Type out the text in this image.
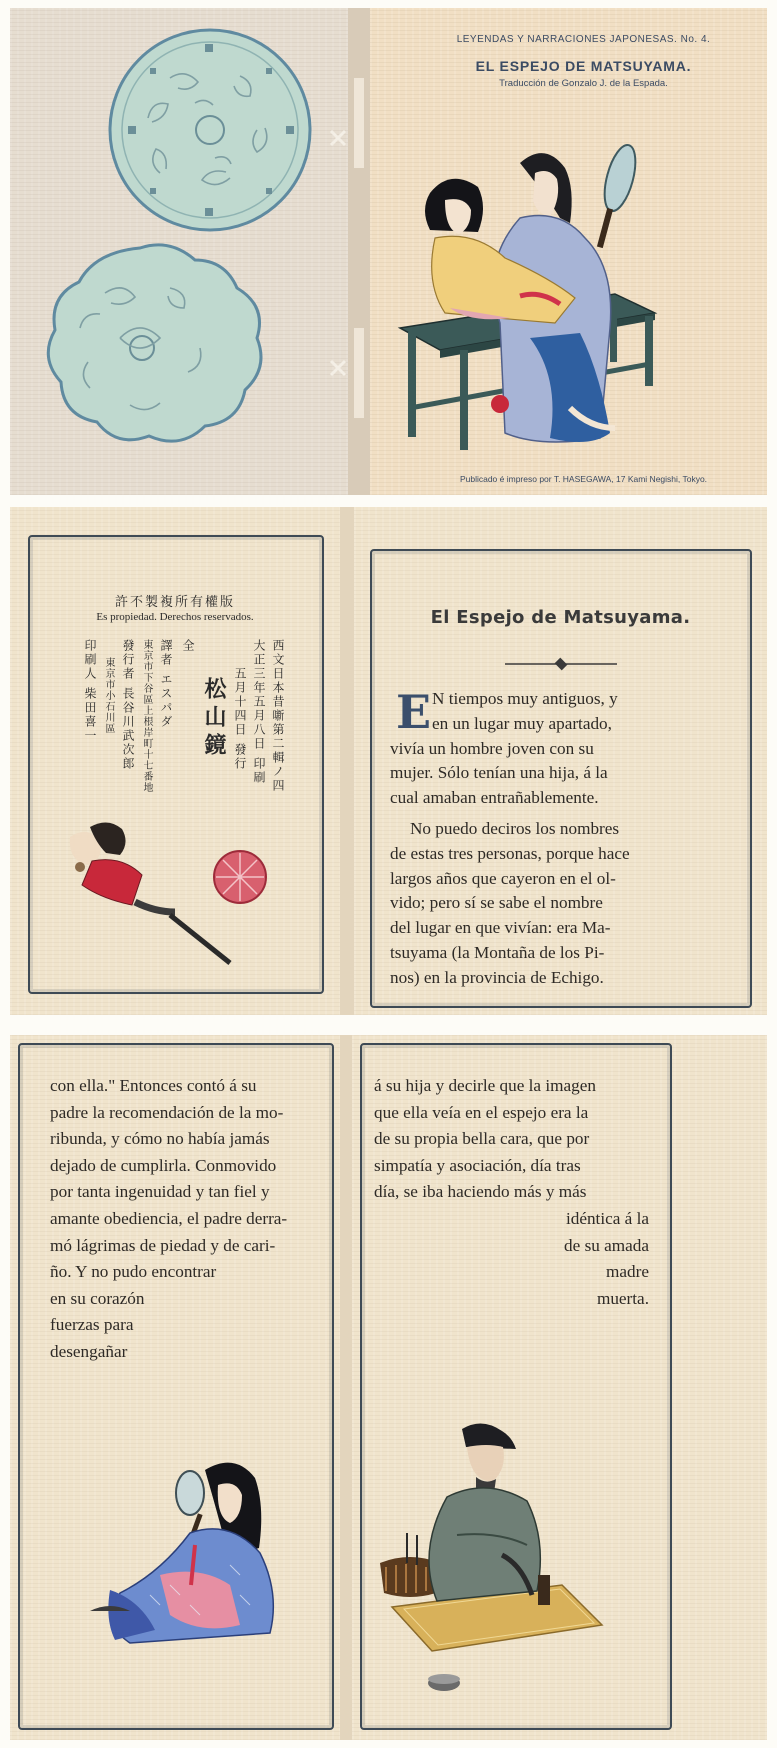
LEYENDAS Y NARRACIONES JAPONESAS. No. 4.
EL ESPEJO DE MATSUYAMA.
Traducción de Gonzalo J. de la Espada.
Publicado é impreso por T. HASEGAWA, 17 Kami Negishi, Tokyo.
許不製複所有權版
Es propiedad. Derechos reservados.
西文日本昔噺第二輯ノ四
大正三年五月八日 印刷
五月十四日 發行
松山鏡
全
譯者 エスパダ
東京市下谷區上根岸町十七番地
發行者 長谷川武次郎
東京市小石川區
印刷人 柴田喜一
El Espejo de Matsuyama.
E N tiempos muy antiguos, y
en un lugar muy apartado,
vivía un hombre joven con su
mujer. Sólo tenían una hija, á la
cual amaban entrañablemente.
No puedo deciros los nombres
de estas tres personas, porque hace
largos años que cayeron en el ol-
vido; pero sí se sabe el nombre
del lugar en que vivían: era Ma-
tsuyama (la Montaña de los Pi-
nos) en la provincia de Echigo.
con ella." Entonces contó á su
padre la recomendación de la mo-
ribunda, y cómo no había jamás
dejado de cumplirla. Conmovido
por tanta ingenuidad y tan fiel y
amante obediencia, el padre derra-
mó lágrimas de piedad y de cari-
ño. Y no pudo encontrar
en su corazón
fuerzas para
desengañar
á su hija y decirle que la imagen
que ella veía en el espejo era la
de su propia bella cara, que por
simpatía y asociación, día tras
día, se iba haciendo más y más
idéntica á la
de su amada
madre
muerta.
